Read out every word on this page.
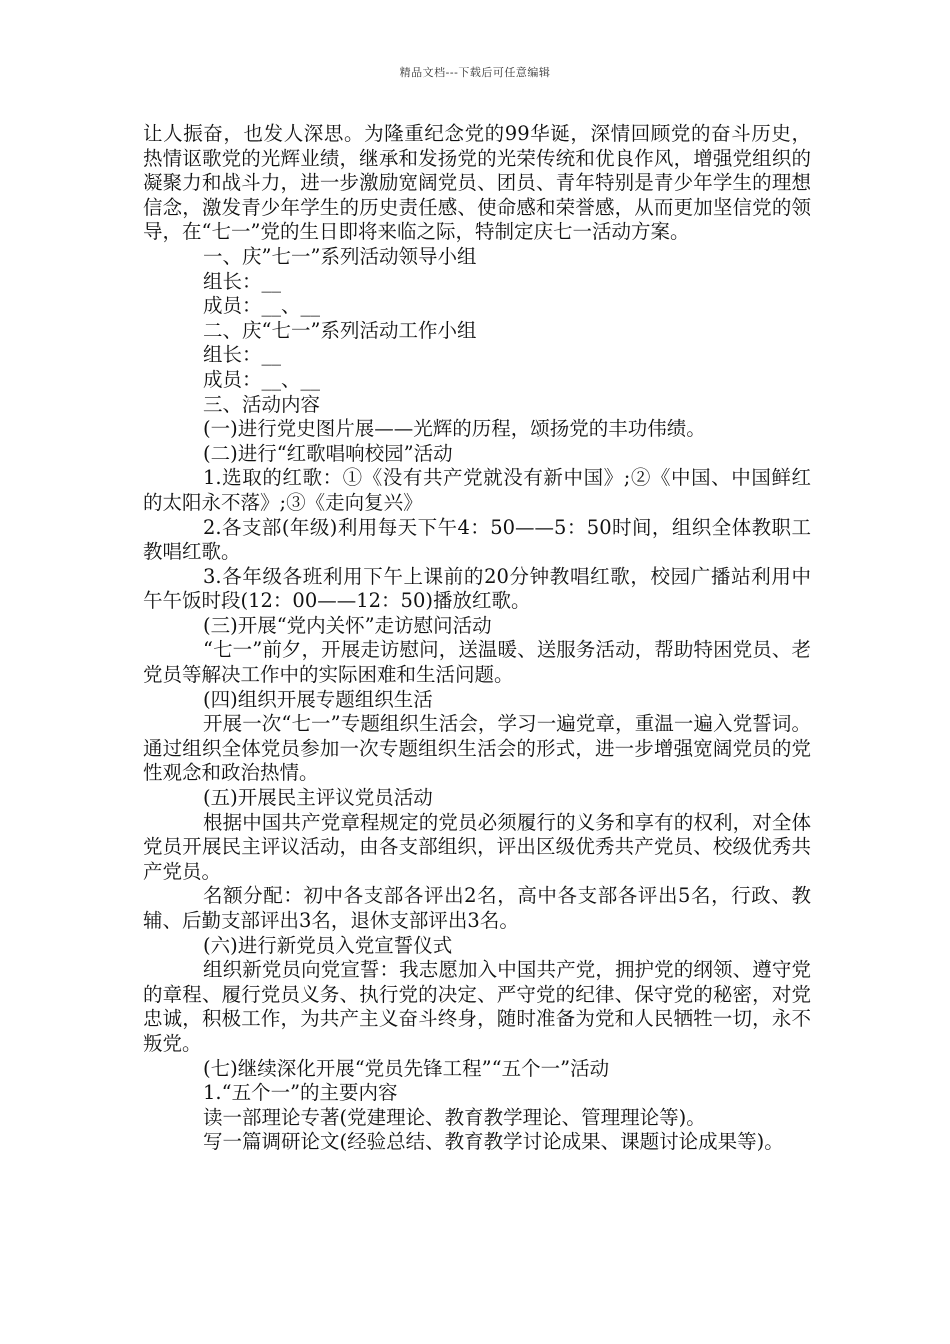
精品文档---下载后可任意编辑

让人振奋，也发人深思。为隆重纪念党的99华诞，深情回顾党的奋斗历史，热情讴歌党的光辉业绩，继承和发扬党的光荣传统和优良作风，增强党组织的凝聚力和战斗力，进一步激励宽阔党员、团员、青年特别是青少年学生的理想信念，激发青少年学生的历史责任感、使命感和荣誉感，从而更加坚信党的领导，在“七一”党的生日即将来临之际，特制定庆七一活动方案。

一、庆”七一”系列活动领导小组

组长：__

成员：__、__

二、庆“七一”系列活动工作小组

组长：__

成员：__、__

三、活动内容

(一)进行党史图片展——光辉的历程，颂扬党的丰功伟绩。

(二)进行“红歌唱响校园”活动

1.选取的红歌：①《没有共产党就没有新中国》;②《中国、中国鲜红的太阳永不落》;③《走向复兴》

2.各支部(年级)利用每天下午4：50——5：50时间，组织全体教职工教唱红歌。

3.各年级各班利用下午上课前的20分钟教唱红歌，校园广播站利用中午午饭时段(12：00——12：50)播放红歌。

(三)开展“党内关怀”走访慰问活动

“七一”前夕，开展走访慰问，送温暖、送服务活动，帮助特困党员、老党员等解决工作中的实际困难和生活问题。

(四)组织开展专题组织生活

开展一次“七一”专题组织生活会，学习一遍党章，重温一遍入党誓词。通过组织全体党员参加一次专题组织生活会的形式，进一步增强宽阔党员的党性观念和政治热情。

(五)开展民主评议党员活动

根据中国共产党章程规定的党员必须履行的义务和享有的权利，对全体党员开展民主评议活动，由各支部组织，评出区级优秀共产党员、校级优秀共产党员。

名额分配：初中各支部各评出2名，高中各支部各评出5名，行政、教辅、后勤支部评出3名，退休支部评出3名。

(六)进行新党员入党宣誓仪式

组织新党员向党宣誓：我志愿加入中国共产党，拥护党的纲领、遵守党的章程、履行党员义务、执行党的决定、严守党的纪律、保守党的秘密，对党忠诚，积极工作，为共产主义奋斗终身，随时准备为党和人民牺牲一切，永不叛党。

(七)继续深化开展“党员先锋工程”“五个一”活动

1.“五个一”的主要内容

读一部理论专著(党建理论、教育教学理论、管理理论等)。

写一篇调研论文(经验总结、教育教学讨论成果、课题讨论成果等)。
